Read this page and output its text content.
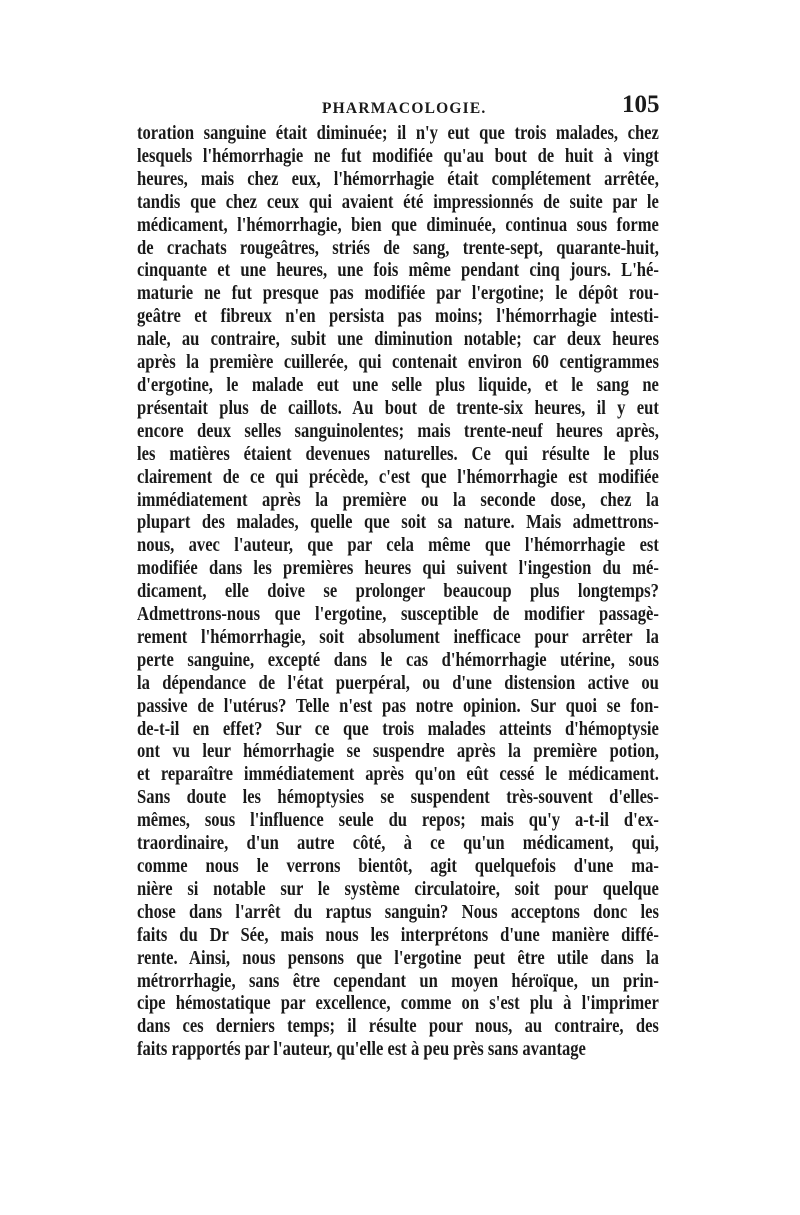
PHARMACOLOGIE.	105
toration sanguine était diminuée; il n'y eut que trois malades, chez
lesquels l'hémorrhagie ne fut modifiée qu'au bout de huit à vingt
heures, mais chez eux, l'hémorrhagie était complétement arrêtée,
tandis que chez ceux qui avaient été impressionnés de suite par le
médicament, l'hémorrhagie, bien que diminuée, continua sous forme
de crachats rougeâtres, striés de sang, trente-sept, quarante-huit,
cinquante et une heures, une fois même pendant cinq jours. L'hé-
maturie ne fut presque pas modifiée par l'ergotine; le dépôt rou-
geâtre et fibreux n'en persista pas moins; l'hémorrhagie intesti-
nale, au contraire, subit une diminution notable; car deux heures
après la première cuillerée, qui contenait environ 60 centigrammes
d'ergotine, le malade eut une selle plus liquide, et le sang ne
présentait plus de caillots. Au bout de trente-six heures, il y eut
encore deux selles sanguinolentes; mais trente-neuf heures après,
les matières étaient devenues naturelles. Ce qui résulte le plus
clairement de ce qui précède, c'est que l'hémorrhagie est modifiée
immédiatement après la première ou la seconde dose, chez la
plupart des malades, quelle que soit sa nature. Mais admettrons-
nous, avec l'auteur, que par cela même que l'hémorrhagie est
modifiée dans les premières heures qui suivent l'ingestion du mé-
dicament, elle doive se prolonger beaucoup plus longtemps?
Admettrons-nous que l'ergotine, susceptible de modifier passagè-
rement l'hémorrhagie, soit absolument inefficace pour arrêter la
perte sanguine, excepté dans le cas d'hémorrhagie utérine, sous
la dépendance de l'état puerpéral, ou d'une distension active ou
passive de l'utérus? Telle n'est pas notre opinion. Sur quoi se fon-
de-t-il en effet? Sur ce que trois malades atteints d'hémoptysie
ont vu leur hémorrhagie se suspendre après la première potion,
et reparaître immédiatement après qu'on eût cessé le médicament.
Sans doute les hémoptysies se suspendent très-souvent d'elles-
mêmes, sous l'influence seule du repos; mais qu'y a-t-il d'ex-
traordinaire, d'un autre côté, à ce qu'un médicament, qui,
comme nous le verrons bientôt, agit quelquefois d'une ma-
nière si notable sur le système circulatoire, soit pour quelque
chose dans l'arrêt du raptus sanguin? Nous acceptons donc les
faits du Dr Sée, mais nous les interprétons d'une manière diffé-
rente. Ainsi, nous pensons que l'ergotine peut être utile dans la
métrorrhagie, sans être cependant un moyen héroïque, un prin-
cipe hémostatique par excellence, comme on s'est plu à l'imprimer
dans ces derniers temps; il résulte pour nous, au contraire, des
faits rapportés par l'auteur, qu'elle est à peu près sans avantage
